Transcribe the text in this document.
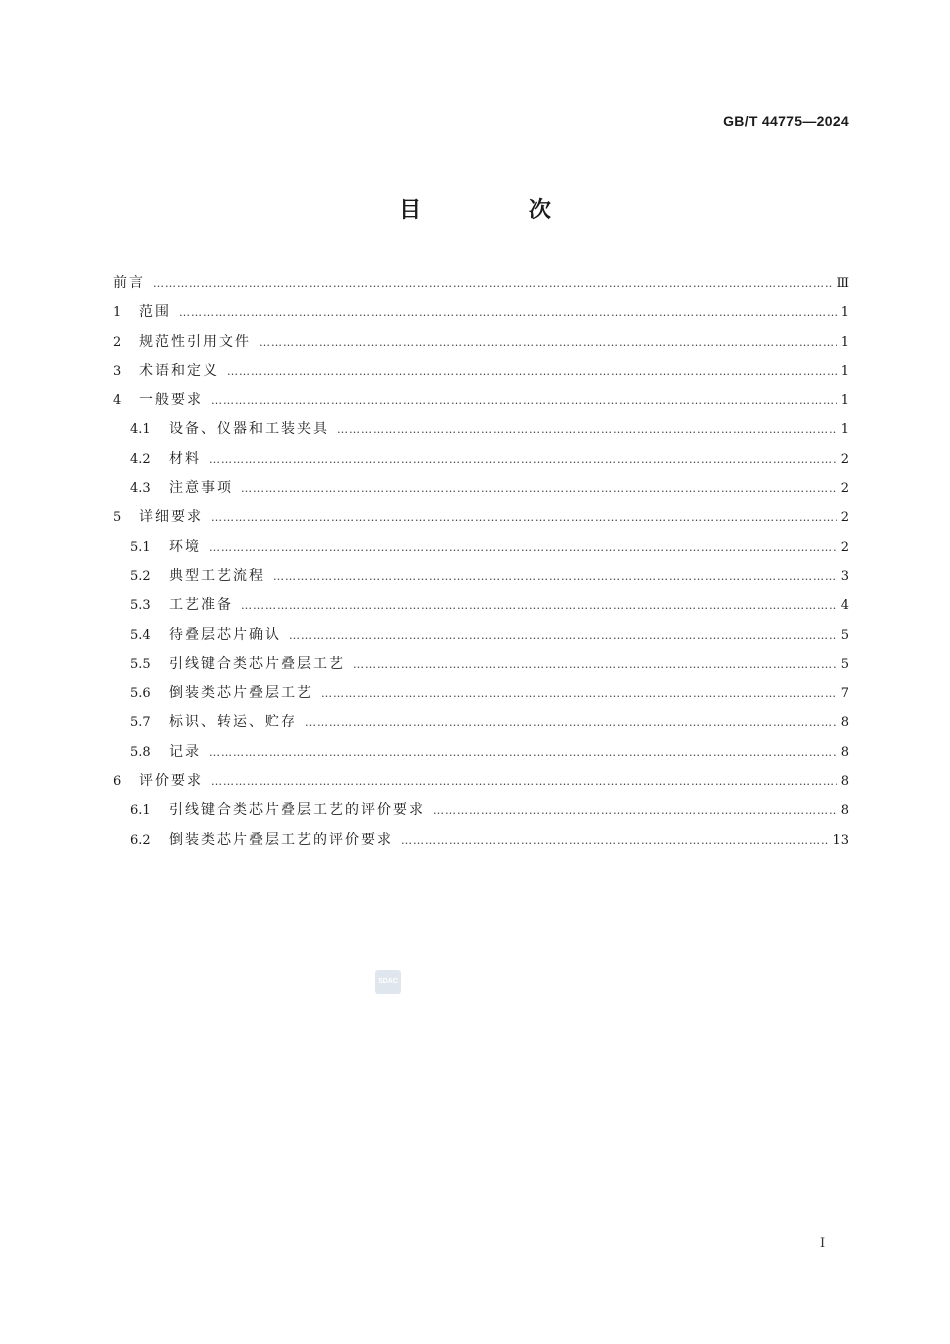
GB/T 44775—2024
目 次
前言 …………………………………………………………………………………………………………………………………………………………………………	Ⅲ
1	范围 …………………………………………………………………………………………………………………………………………………………………………	1
2	规范性引用文件 …………………………………………………………………………………………………………………………………………………………………………	1
3	术语和定义 …………………………………………………………………………………………………………………………………………………………………………	1
4	一般要求 …………………………………………………………………………………………………………………………………………………………………………	1
4.1	设备、仪器和工装夹具 …………………………………………………………………………………………………………………………………………………………………………	1
4.2	材料 …………………………………………………………………………………………………………………………………………………………………………	2
4.3	注意事项 …………………………………………………………………………………………………………………………………………………………………………	2
5	详细要求 …………………………………………………………………………………………………………………………………………………………………………	2
5.1	环境 …………………………………………………………………………………………………………………………………………………………………………	2
5.2	典型工艺流程 …………………………………………………………………………………………………………………………………………………………………………	3
5.3	工艺准备 …………………………………………………………………………………………………………………………………………………………………………	4
5.4	待叠层芯片确认 …………………………………………………………………………………………………………………………………………………………………………	5
5.5	引线键合类芯片叠层工艺 …………………………………………………………………………………………………………………………………………………………………………	5
5.6	倒装类芯片叠层工艺 …………………………………………………………………………………………………………………………………………………………………………	7
5.7	标识、转运、贮存 …………………………………………………………………………………………………………………………………………………………………………	8
5.8	记录 …………………………………………………………………………………………………………………………………………………………………………	8
6	评价要求 …………………………………………………………………………………………………………………………………………………………………………	8
6.1	引线键合类芯片叠层工艺的评价要求 …………………………………………………………………………………………………………………………………………………………………………	8
6.2	倒装类芯片叠层工艺的评价要求 …………………………………………………………………………………………………………………………………………………………………………	13
SDAC
Ⅰ
